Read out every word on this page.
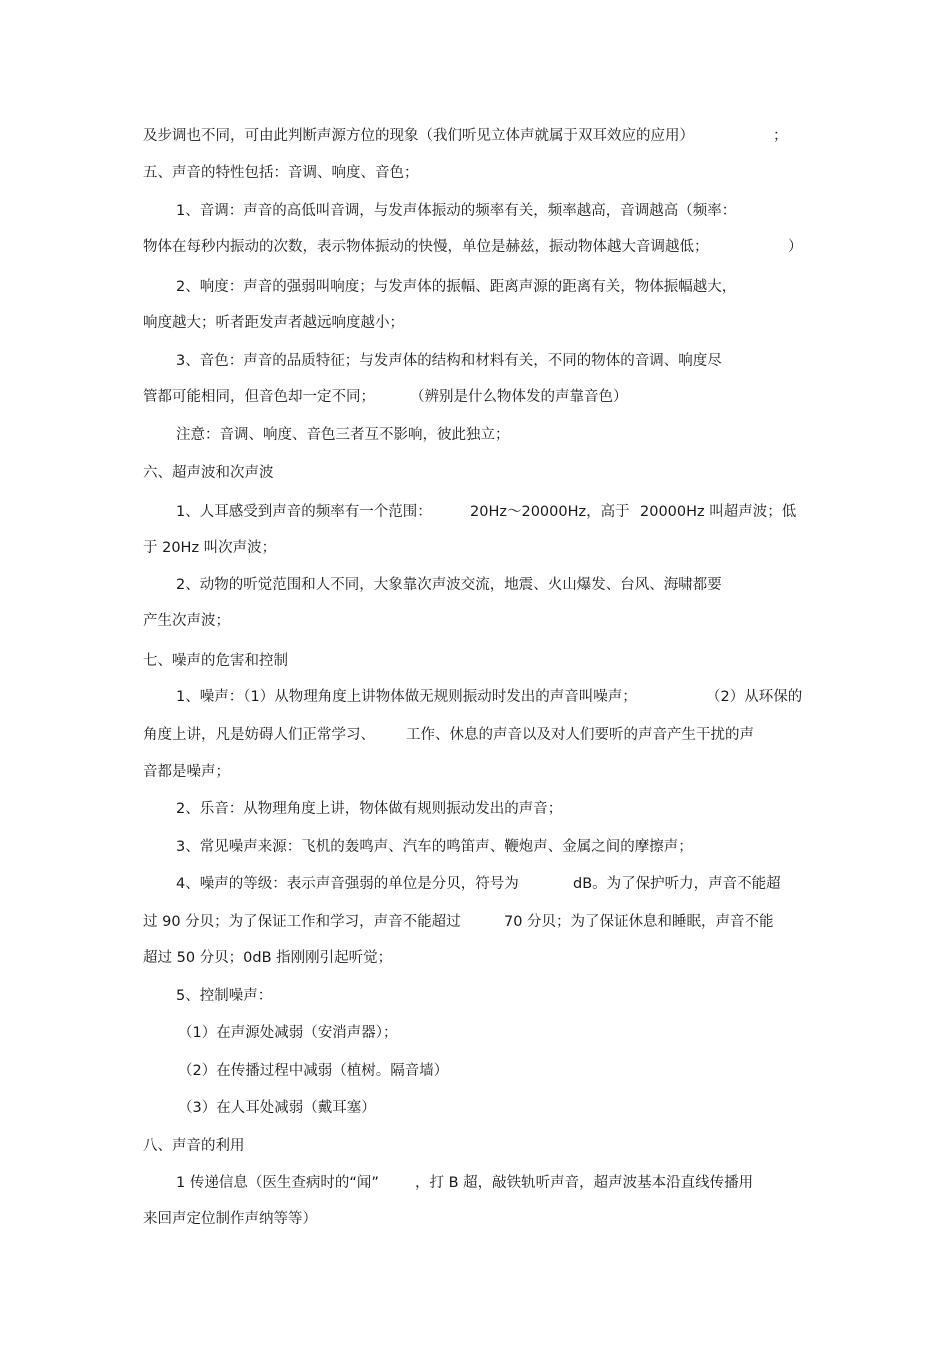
及步调也不同，可由此判断声源方位的现象（我们听见立体声就属于双耳效应的应用）	；
五、声音的特性包括：音调、响度、音色；
1、音调：声音的高低叫音调，与发声体振动的频率有关，频率越高，音调越高（频率：
物体在每秒内振动的次数，表示物体振动的快慢，单位是赫兹，振动物体越大音调越低；	）
2、响度：声音的强弱叫响度；与发声体的振幅、距离声源的距离有关，物体振幅越大，
响度越大；听者距发声者越远响度越小；
3、音色：声音的品质特征；与发声体的结构和材料有关，不同的物体的音调、响度尽
管都可能相同，但音色却一定不同； （辨别是什么物体发的声靠音色）
注意：音调、响度、音色三者互不影响，彼此独立；
六、超声波和次声波
1、人耳感受到声音的频率有一个范围：	20Hz～20000Hz，高于 20000Hz 叫超声波；低
于 20Hz 叫次声波；
2、动物的听觉范围和人不同，大象靠次声波交流，地震、火山爆发、台风、海啸都要
产生次声波；
七、噪声的危害和控制
1、噪声：（1）从物理角度上讲物体做无规则振动时发出的声音叫噪声；	（2）从环保的
角度上讲，凡是妨碍人们正常学习、 工作、休息的声音以及对人们要听的声音产生干扰的声
音都是噪声；
2、乐音：从物理角度上讲，物体做有规则振动发出的声音；
3、常见噪声来源：飞机的轰鸣声、汽车的鸣笛声、鞭炮声、金属之间的摩擦声；
4、噪声的等级：表示声音强弱的单位是分贝，符号为	dB。为了保护听力，声音不能超
过 90 分贝；为了保证工作和学习，声音不能超过	70 分贝；为了保证休息和睡眠，声音不能
超过 50 分贝；0dB 指刚刚引起听觉；
5、控制噪声：
（1）在声源处减弱（安消声器）；
（2）在传播过程中减弱（植树。隔音墙）
（3）在人耳处减弱（戴耳塞）
八、声音的利用
1 传递信息（医生查病时的“闻” ，打 B 超，敲铁轨听声音，超声波基本沿直线传播用
来回声定位制作声纳等等）
